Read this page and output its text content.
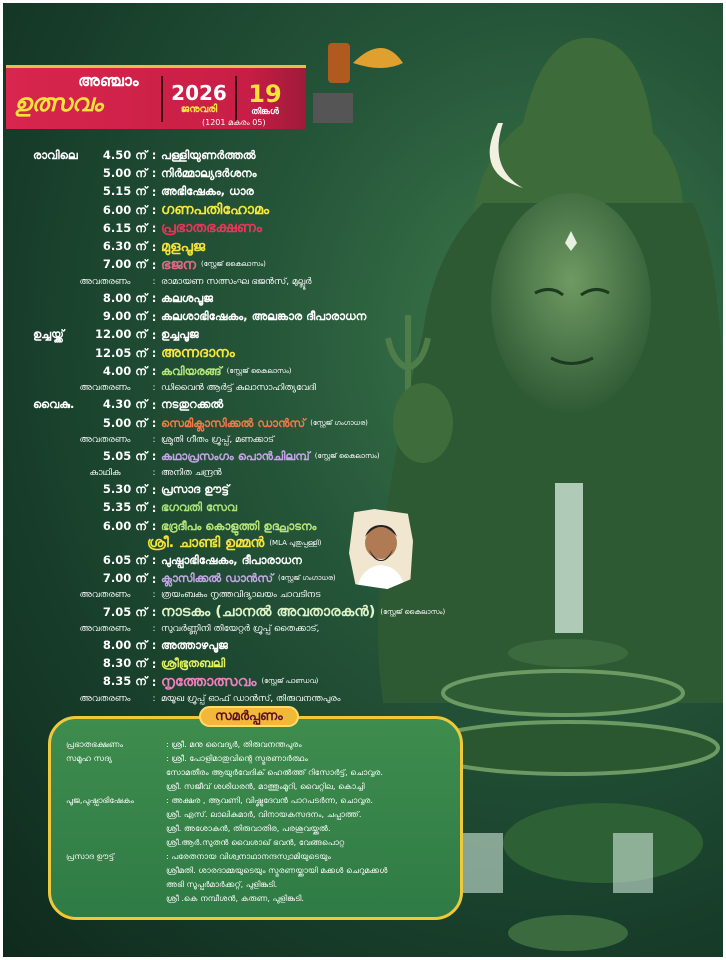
അഞ്ചാം
ഉത്സവം	2026
ജനുവരി
19
തിങ്കൾ
(1201 മകരം 05)
രാവിലെ	4.50 ന് : പള്ളിയുണർത്തൽ
5.00 ന് : നിർമ്മാല്യദർശനം
5.15 ന് : അഭിഷേകം, ധാര
6.00 ന് : ഗണപതിഹോമം
6.15 ന് : പ്രഭാതഭക്ഷണം
6.30 ന് : മുളപൂജ
7.00 ന് : ഭജന (സ്റ്റേജ് കൈലാസം)
അവതരണം	: രാമായണ സത്സംഘ ഭജൻസ്, മുല്ലൂർ
8.00 ന് : കലശപൂജ
9.00 ന് : കലശാഭിഷേകം, അലങ്കാര ദീപാരാധന
ഉച്ചയ്ക്ക്	12.00 ന് : ഉച്ചപൂജ
12.05 ന് : അന്നദാനം
4.00 ന് : കവിയരങ്ങ് (സ്റ്റേജ് കൈലാസം)
അവതരണം	: ഡിവൈൻ ആർട്ട് കലാസാഹിത്യവേദി
വൈകു.	4.30 ന് : നടതുറക്കൽ
5.00 ന് : സെമിക്ലാസിക്കൽ ഡാൻസ് (സ്റ്റേജ് ഗംഗാധര)
അവതരണം	: ശ്രുതി ഗീതം ഗ്രൂപ്പ്, മണക്കാട്
5.05 ന് : കഥാപ്രസംഗം പൊൻചിലമ്പ് (സ്റ്റേജ് കൈലാസം)
കാഥിക	: അനിത ചന്ദ്രൻ
5.30 ന് : പ്രസാദ ഊട്ട്
5.35 ന് : ഭഗവതി സേവ
6.00 ന് : ഭദ്രദീപം കൊളുത്തി ഉദ്ഘാടനം
ശ്രീ. ചാണ്ടി ഉമ്മൻ (MLA പുതുപ്പള്ളി)
6.05 ന് : പുഷ്പാഭിഷേകം, ദീപാരാധന
7.00 ന് : ക്ലാസിക്കൽ ഡാൻസ് (സ്റ്റേജ് ഗംഗാധര)
അവതരണം	: ത്രയംബകം നൃത്തവിദ്യാലയം ചാവടിനട
7.05 ന് : നാടകം (ചാനൽ അവതാരകൻ) (സ്റ്റേജ് കൈലാസം)
അവതരണം	: സുവർണ്ണിനി തിയേറ്റർ ഗ്രൂപ്പ് തൈക്കാട്,
8.00 ന് : അത്താഴപൂജ
8.30 ന് : ശ്രീഭൂതബലി
8.35 ന് : നൃത്തോത്സവം (സ്റ്റേജ് പാണ്ഡവ)
അവതരണം	: മയൂഖ ഗ്രൂപ്പ് ഓഫ് ഡാൻസ്, തിരുവനന്തപുരം
സമർപ്പണം
പ്രഭാതഭക്ഷണം	: ശ്രീ. മനു വൈദ്യർ, തിരുവനന്തപുരം
സമൂഹ സദ്യ	: ശ്രീ. പോളിമാതുവിന്റെ സ്മരണാർത്ഥം
സോമതീരം ആയുർവേദിക് ഹെൽത്ത് റിസോർട്ട്, ചൊവ്വര.
ശ്രീ. സജീവ് ശശിധരൻ, മാത്തുംമൂറി, വൈറ്റില, കൊച്ചി
പൂജ,പുഷ്പാഭിഷേകം	: അക്ഷര , ആവണി, വിഷ്ണുദേവൻ പാറപടർന്ന, ചൊവ്വര.
ശ്രീ. എസ്. ലാലികുമാർ, വിനായകസദനം, ചപ്പാത്ത്.
ശ്രീ. അശോകൻ, തിരുവാതിര, പരശുവയ്ക്കൽ.
ശ്രീ.ആർ.സുതൻ വൈശാഖ് ഭവൻ, വേങ്ങപൊറ്റ
പ്രസാദ ഊട്ട്	: പരേതനായ വിശ്വനാഥാനന്ദസ്വാമിയുടെയും
ശ്രീമതി. ശാരദാമ്മയുടെയും സ്മരണയ്ക്കായി മക്കൾ ചെറുമക്കൾ
അഭി സൂപ്പർമാർക്കറ്റ്, പുളിങ്കുടി.
ശ്രീ .കെ നമ്പീശൻ, കരുണ, പുളിങ്കുടി.
